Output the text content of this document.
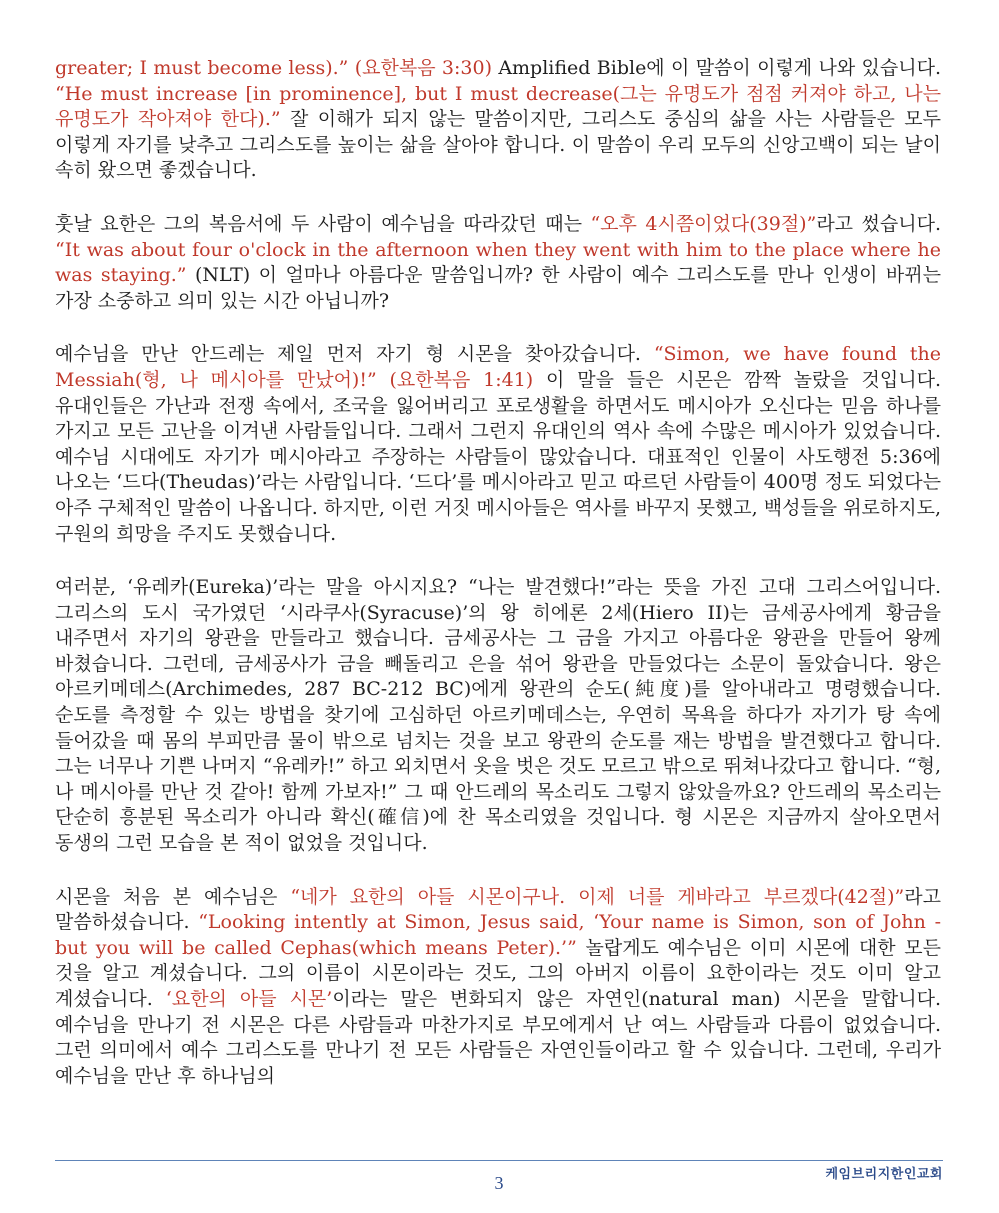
greater; I must become less).” (요한복음 3:30) Amplified Bible에 이 말씀이 이렇게 나와 있습니다. “He must increase [in prominence], but I must decrease(그는 유명도가 점점 커져야 하고, 나는 유명도가 작아져야 한다).” 잘 이해가 되지 않는 말씀이지만, 그리스도 중심의 삶을 사는 사람들은 모두 이렇게 자기를 낮추고 그리스도를 높이는 삶을 살아야 합니다. 이 말씀이 우리 모두의 신앙고백이 되는 날이 속히 왔으면 좋겠습니다.

훗날 요한은 그의 복음서에 두 사람이 예수님을 따라갔던 때는 “오후 4시쯤이었다(39절)”라고 썼습니다. “It was about four o'clock in the afternoon when they went with him to the place where he was staying.” (NLT) 이 얼마나 아름다운 말씀입니까? 한 사람이 예수 그리스도를 만나 인생이 바뀌는 가장 소중하고 의미 있는 시간 아닙니까?

예수님을 만난 안드레는 제일 먼저 자기 형 시몬을 찾아갔습니다. “Simon, we have found the Messiah(형, 나 메시아를 만났어)!” (요한복음 1:41) 이 말을 들은 시몬은 깜짝 놀랐을 것입니다. 유대인들은 가난과 전쟁 속에서, 조국을 잃어버리고 포로생활을 하면서도 메시아가 오신다는 믿음 하나를 가지고 모든 고난을 이겨낸 사람들입니다. 그래서 그런지 유대인의 역사 속에 수많은 메시아가 있었습니다. 예수님 시대에도 자기가 메시아라고 주장하는 사람들이 많았습니다. 대표적인 인물이 사도행전 5:36에 나오는 ‘드다(Theudas)’라는 사람입니다. ‘드다’를 메시아라고 믿고 따르던 사람들이 400명 정도 되었다는 아주 구체적인 말씀이 나옵니다. 하지만, 이런 거짓 메시아들은 역사를 바꾸지 못했고, 백성들을 위로하지도, 구원의 희망을 주지도 못했습니다.

여러분, ‘유레카(Eureka)’라는 말을 아시지요? “나는 발견했다!”라는 뜻을 가진 고대 그리스어입니다. 그리스의 도시 국가였던 ‘시라쿠사(Syracuse)’의 왕 히에론 2세(Hiero II)는 금세공사에게 황금을 내주면서 자기의 왕관을 만들라고 했습니다. 금세공사는 그 금을 가지고 아름다운 왕관을 만들어 왕께 바쳤습니다. 그런데, 금세공사가 금을 빼돌리고 은을 섞어 왕관을 만들었다는 소문이 돌았습니다. 왕은 아르키메데스(Archimedes, 287 BC-212 BC)에게 왕관의 순도(純度)를 알아내라고 명령했습니다. 순도를 측정할 수 있는 방법을 찾기에 고심하던 아르키메데스는, 우연히 목욕을 하다가 자기가 탕 속에 들어갔을 때 몸의 부피만큼 물이 밖으로 넘치는 것을 보고 왕관의 순도를 재는 방법을 발견했다고 합니다. 그는 너무나 기쁜 나머지 “유레카!” 하고 외치면서 옷을 벗은 것도 모르고 밖으로 뛰쳐나갔다고 합니다. “형, 나 메시아를 만난 것 같아! 함께 가보자!” 그 때 안드레의 목소리도 그렇지 않았을까요? 안드레의 목소리는 단순히 흥분된 목소리가 아니라 확신(確信)에 찬 목소리였을 것입니다. 형 시몬은 지금까지 살아오면서 동생의 그런 모습을 본 적이 없었을 것입니다.

시몬을 처음 본 예수님은 “네가 요한의 아들 시몬이구나. 이제 너를 게바라고 부르겠다(42절)”라고 말씀하셨습니다. “Looking intently at Simon, Jesus said, ‘Your name is Simon, son of John - but you will be called Cephas(which means Peter).’” 놀랍게도 예수님은 이미 시몬에 대한 모든 것을 알고 계셨습니다. 그의 이름이 시몬이라는 것도, 그의 아버지 이름이 요한이라는 것도 이미 알고 계셨습니다. ‘요한의 아들 시몬’이라는 말은 변화되지 않은 자연인(natural man) 시몬을 말합니다. 예수님을 만나기 전 시몬은 다른 사람들과 마찬가지로 부모에게서 난 여느 사람들과 다름이 없었습니다. 그런 의미에서 예수 그리스도를 만나기 전 모든 사람들은 자연인들이라고 할 수 있습니다. 그런데, 우리가 예수님을 만난 후 하나님의

3	케임브리지한인교회
